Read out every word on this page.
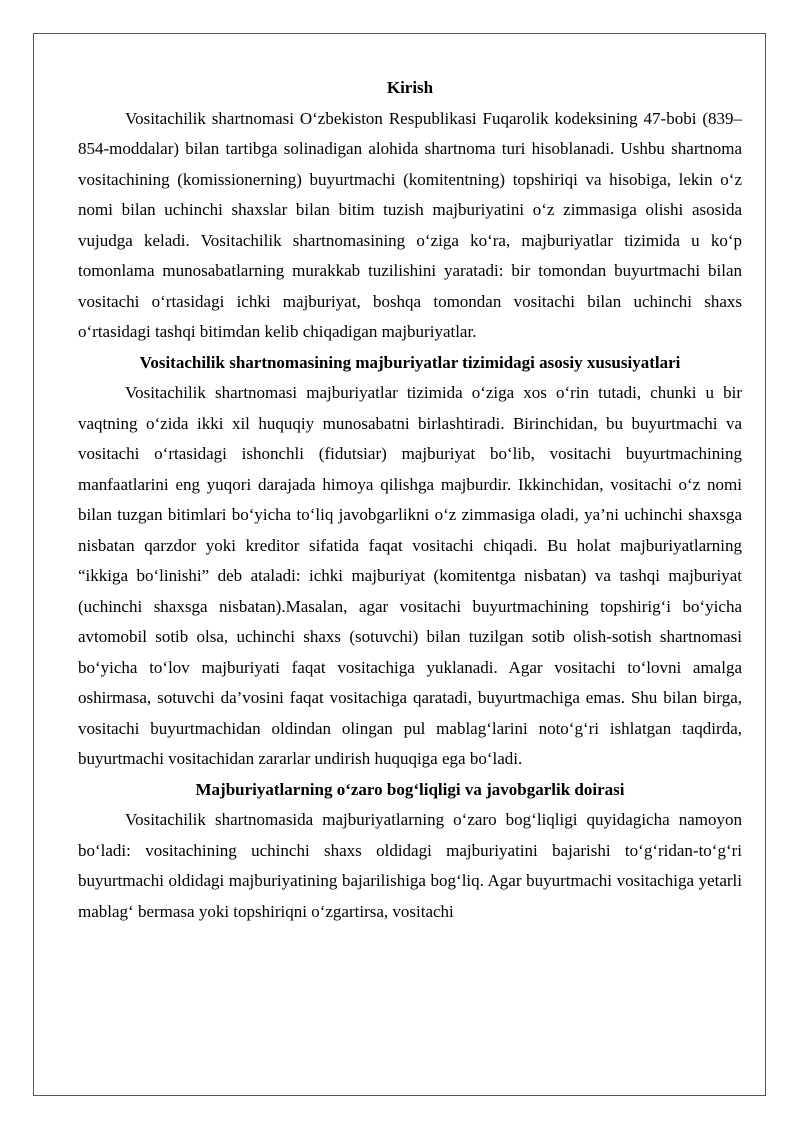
Kirish

Vositachilik shartnomasi O‘zbekiston Respublikasi Fuqarolik kodeksining 47-bobi (839–854-moddalar) bilan tartibga solinadigan alohida shartnoma turi hisoblanadi. Ushbu shartnoma vositachining (komissionerning) buyurtmachi (komitentning) topshiriqi va hisobiga, lekin o‘z nomi bilan uchinchi shaxslar bilan bitim tuzish majburiyatini o‘z zimmasiga olishi asosida vujudga keladi. Vositachilik shartnomasining o‘ziga ko‘ra, majburiyatlar tizimida u ko‘p tomonlama munosabatlarning murakkab tuzilishini yaratadi: bir tomondan buyurtmachi bilan vositachi o‘rtasidagi ichki majburiyat, boshqa tomondan vositachi bilan uchinchi shaxs o‘rtasidagi tashqi bitimdan kelib chiqadigan majburiyatlar.

Vositachilik shartnomasining majburiyatlar tizimidagi asosiy xususiyatlari

Vositachilik shartnomasi majburiyatlar tizimida o‘ziga xos o‘rin tutadi, chunki u bir vaqtning o‘zida ikki xil huquqiy munosabatni birlashtiradi. Birinchidan, bu buyurtmachi va vositachi o‘rtasidagi ishonchli (fidutsiar) majburiyat bo‘lib, vositachi buyurtmachining manfaatlarini eng yuqori darajada himoya qilishga majburdir. Ikkinchidan, vositachi o‘z nomi bilan tuzgan bitimlari bo‘yicha to‘liq javobgarlikni o‘z zimmasiga oladi, ya’ni uchinchi shaxsga nisbatan qarzdor yoki kreditor sifatida faqat vositachi chiqadi. Bu holat majburiyatlarning “ikkiga bo‘linishi” deb ataladi: ichki majburiyat (komitentga nisbatan) va tashqi majburiyat (uchinchi shaxsga nisbatan).Masalan, agar vositachi buyurtmachining topshirig‘i bo‘yicha avtomobil sotib olsa, uchinchi shaxs (sotuvchi) bilan tuzilgan sotib olish-sotish shartnomasi bo‘yicha to‘lov majburiyati faqat vositachiga yuklanadi. Agar vositachi to‘lovni amalga oshirmasa, sotuvchi da’vosini faqat vositachiga qaratadi, buyurtmachiga emas. Shu bilan birga, vositachi buyurtmachidan oldindan olingan pul mablag‘larini noto‘g‘ri ishlatgan taqdirda, buyurtmachi vositachidan zararlar undirish huquqiga ega bo‘ladi.

Majburiyatlarning o‘zaro bog‘liqligi va javobgarlik doirasi

Vositachilik shartnomasida majburiyatlarning o‘zaro bog‘liqligi quyidagicha namoyon bo‘ladi: vositachining uchinchi shaxs oldidagi majburiyatini bajarishi to‘g‘ridan-to‘g‘ri buyurtmachi oldidagi majburiyatining bajarilishiga bog‘liq. Agar buyurtmachi vositachiga yetarli mablag‘ bermasa yoki topshiriqni o‘zgartirsa, vositachi
